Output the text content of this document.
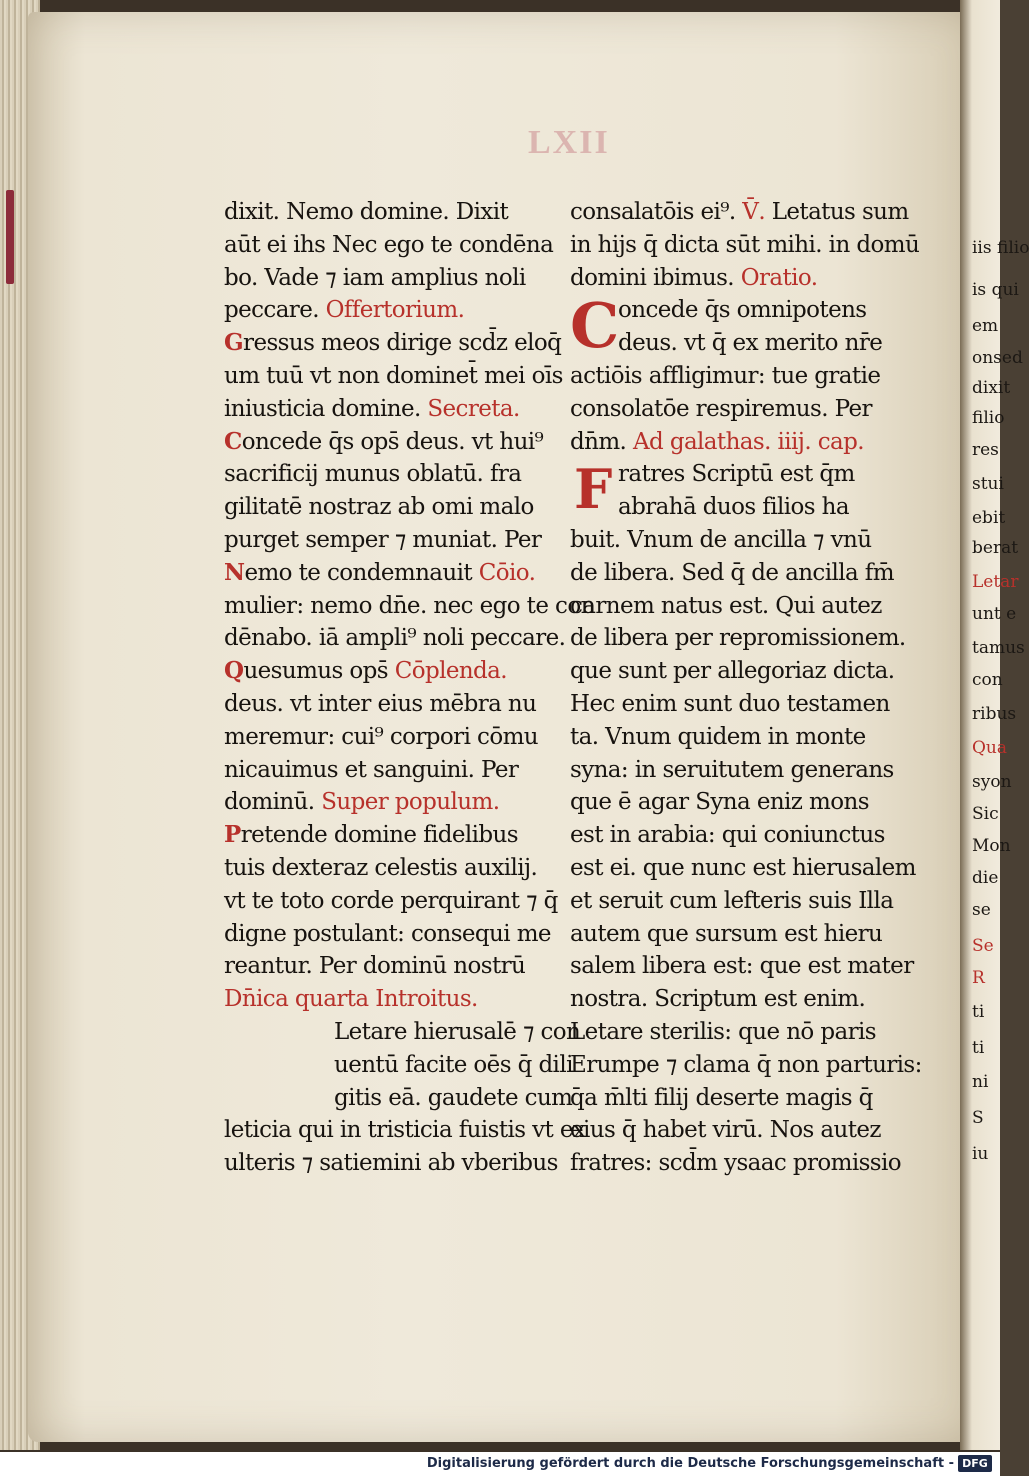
iis filio
is qui
em
onsed
dixit
filio
res
stui
ebit
berat
Letar
unt e
tamus
con
ribus
Qua
syon
Sic
Mon
die
se
Se
R
ti
ti
ni
S
iu
LXII
dixit. Nemo domine. Dixit
aūt ei ihs Nec ego te condēna
bo. Vade ⁊ iam amplius noli
peccare. Offertorium.
Gressus meos dirige scd̄z eloq̄
um tuū vt non dominet̄ mei oīs
iniusticia domine. Secreta.
Concede q̄s ops̄ deus. vt hui⁹
sacrificij munus oblatū. fra
gilitatē nostraz ab omi malo
purget semper ⁊ muniat. Per
Nemo te condemnauit Cōio.
mulier: nemo dn̄e. nec ego te con
dēnabo. iā ampli⁹ noli peccare.
Quesumus ops̄ Cōplenda.
deus. vt inter eius mēbra nu
meremur: cui⁹ corpori cōmu
nicauimus et sanguini. Per
dominū. Super populum.
Pretende domine fidelibus
tuis dexteraz celestis auxilij.
vt te toto corde perquirant ⁊ q̄
digne postulant: consequi me
reantur. Per dominū nostrū
Dn̄ica quarta Introitus.
Letare hierusalē ⁊ con
uentū facite oēs q̄ dili
gitis eā. gaudete cum
leticia qui in tristicia fuistis vt ex
ulteris ⁊ satiemini ab vberibus
consalatōis ei⁹. V̄. Letatus sum
in hijs q̄ dicta sūt mihi. in domū
domini ibimus. Oratio.
oncede q̄s omnipotens
deus. vt q̄ ex merito nr̄e
actiōis affligimur: tue gratie
consolatōe respiremus. Per
dn̄m. Ad galathas. iiij. cap.
ratres Scriptū est q̄m
abrahā duos filios ha
buit. Vnum de ancilla ⁊ vnū
de libera. Sed q̄ de ancilla fm̄
carnem natus est. Qui autez
de libera per repromissionem.
que sunt per allegoriaz dicta.
Hec enim sunt duo testamen
ta. Vnum quidem in monte
syna: in seruitutem generans
que ē agar Syna eniz mons
est in arabia: qui coniunctus
est ei. que nunc est hierusalem
et seruit cum lefteris suis Illa
autem que sursum est hieru
salem libera est: que est mater
nostra. Scriptum est enim.
Letare sterilis: que nō paris
Erumpe ⁊ clama q̄ non parturis:
q̄a m̄lti filij deserte magis q̄
eius q̄ habet virū. Nos autez
fratres: scd̄m ysaac promissio
C
F
Digitalisierung gefördert durch die Deutsche Forschungsgemeinschaft - DFG
